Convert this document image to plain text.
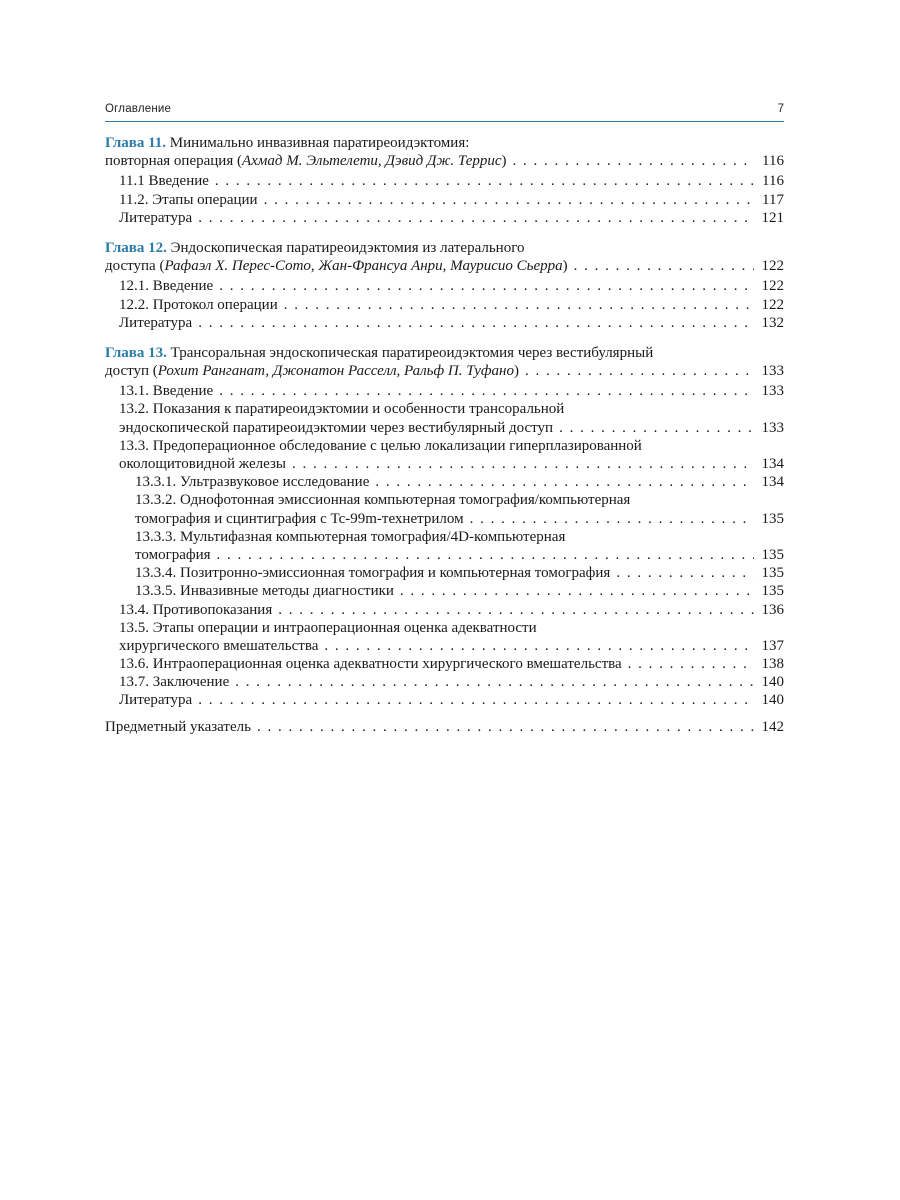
Оглавление	7
Глава 11. Минимально инвазивная паратиреоидэктомия:
повторная операция (Ахмад М. Эльтелети, Дэвид Дж. Террис) . . .	116
11.1 Введение . . .	116
11.2. Этапы операции . . .	117
Литература . . .	121
Глава 12. Эндоскопическая паратиреоидэктомия из латерального
доступа (Рафаэл Х. Перес-Сото, Жан-Франсуа Анри, Маурисио Сьерра) . . .	122
12.1. Введение . . .	122
12.2. Протокол операции . . .	122
Литература . . .	132
Глава 13. Трансоральная эндоскопическая паратиреоидэктомия через вестибулярный
доступ (Рохит Ранганат, Джонатон Расселл, Ральф П. Туфано) . . .	133
13.1. Введение . . .	133
13.2. Показания к паратиреоидэктомии и особенности трансоральной
эндоскопической паратиреоидэктомии через вестибулярный доступ . . .	133
13.3. Предоперационное обследование с целью локализации гиперплазированной
околощитовидной железы . . .	134
13.3.1. Ультразвуковое исследование . . .	134
13.3.2. Однофотонная эмиссионная компьютерная томография/компьютерная
томография и сцинтиграфия с Tc-99m-технетрилом . . .	135
13.3.3. Мультифазная компьютерная томография/4D-компьютерная
томография . . .	135
13.3.4. Позитронно-эмиссионная томография и компьютерная томография . . .	135
13.3.5. Инвазивные методы диагностики . . .	135
13.4. Противопоказания . . .	136
13.5. Этапы операции и интраоперационная оценка адекватности
хирургического вмешательства . . .	137
13.6. Интраоперационная оценка адекватности хирургического вмешательства . . .	138
13.7. Заключение . . .	140
Литература . . .	140
Предметный указатель . . .	142
